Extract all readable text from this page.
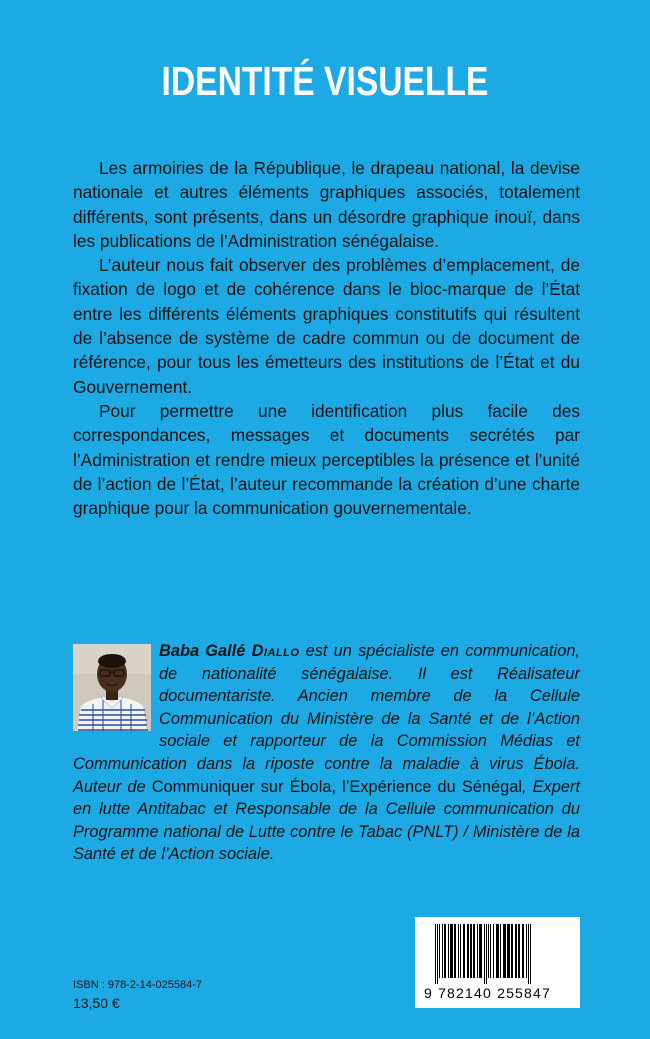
IDENTITÉ VISUELLE

Les armoiries de la République, le drapeau national, la devise nationale et autres éléments graphiques associés, totalement différents, sont présents, dans un désordre graphique inouï, dans les publications de l’Administration sénégalaise.

L’auteur nous fait observer des problèmes d’emplacement, de fixation de logo et de cohérence dans le bloc-marque de l’État entre les différents éléments graphiques constitutifs qui résultent de l’absence de système de cadre commun ou de document de référence, pour tous les émetteurs des institutions de l’État et du Gouvernement.

Pour permettre une identification plus facile des correspondances, messages et documents secrétés par l’Administration et rendre mieux perceptibles la présence et l’unité de l’action de l’État, l’auteur recommande la création d’une charte graphique pour la communication gouvernementale.

Baba Gallé Diallo est un spécialiste en communication, de nationalité sénégalaise. Il est Réalisateur documentariste. Ancien membre de la Cellule Communication du Ministère de la Santé et de l’Action sociale et rapporteur de la Commission Médias et Communication dans la riposte contre la maladie à virus Ébola. Auteur de Communiquer sur Ébola, l’Expérience du Sénégal, Expert en lutte Antitabac et Responsable de la Cellule communication du Programme national de Lutte contre le Tabac (PNLT) / Ministère de la Santé et de l’Action sociale.
ISBN : 978-2-14-025584-7
13,50 €
9 782140 255847
